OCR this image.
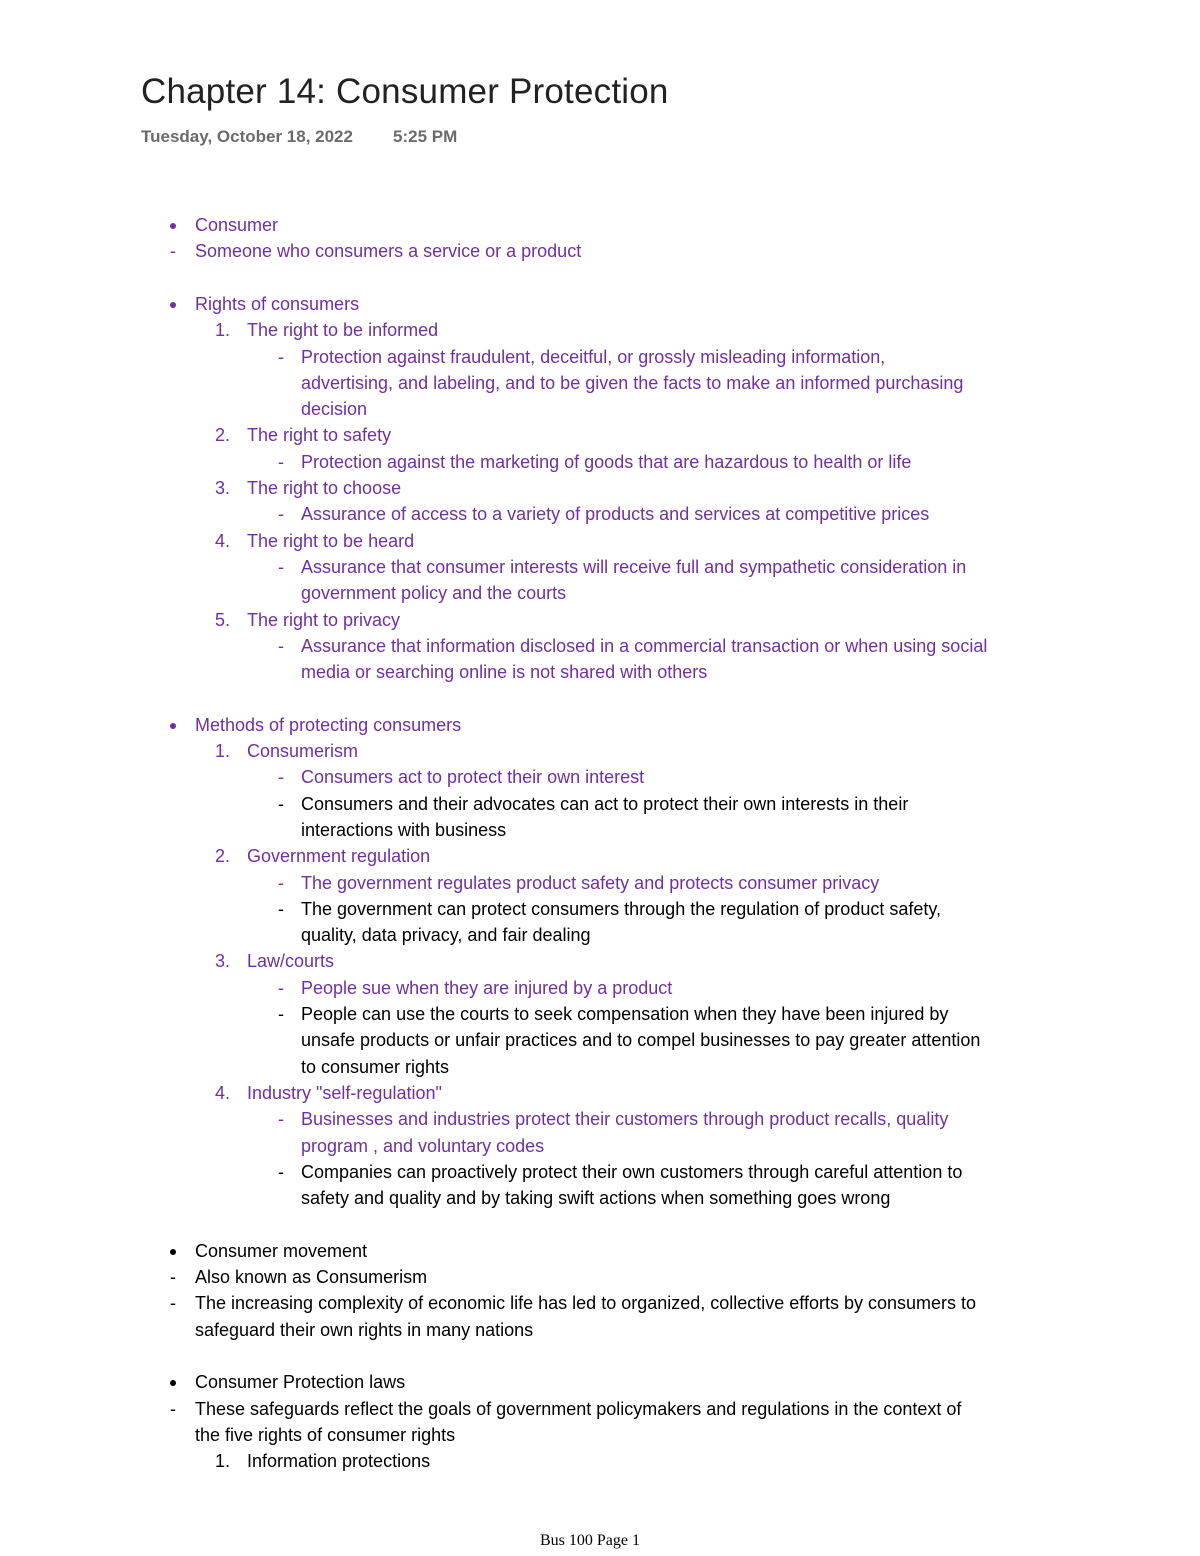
Chapter 14: Consumer Protection
Tuesday, October 18, 2022 5:25 PM
Consumer
- Someone who consumers a service or a product
Rights of consumers
1. The right to be informed
- Protection against fraudulent, deceitful, or grossly misleading information,
advertising, and labeling, and to be given the facts to make an informed purchasing
decision
2. The right to safety
- Protection against the marketing of goods that are hazardous to health or life
3. The right to choose
- Assurance of access to a variety of products and services at competitive prices
4. The right to be heard
- Assurance that consumer interests will receive full and sympathetic consideration in
government policy and the courts
5. The right to privacy
- Assurance that information disclosed in a commercial transaction or when using social
media or searching online is not shared with others
Methods of protecting consumers
1. Consumerism
- Consumers act to protect their own interest
- Consumers and their advocates can act to protect their own interests in their
interactions with business
2. Government regulation
- The government regulates product safety and protects consumer privacy
- The government can protect consumers through the regulation of product safety,
quality, data privacy, and fair dealing
3. Law/courts
- People sue when they are injured by a product
- People can use the courts to seek compensation when they have been injured by
unsafe products or unfair practices and to compel businesses to pay greater attention
to consumer rights
4. Industry "self-regulation"
- Businesses and industries protect their customers through product recalls, quality
program , and voluntary codes
- Companies can proactively protect their own customers through careful attention to
safety and quality and by taking swift actions when something goes wrong
Consumer movement
- Also known as Consumerism
- The increasing complexity of economic life has led to organized, collective efforts by consumers to
safeguard their own rights in many nations
Consumer Protection laws
- These safeguards reflect the goals of government policymakers and regulations in the context of
the five rights of consumer rights
1. Information protections
Bus 100 Page 1
